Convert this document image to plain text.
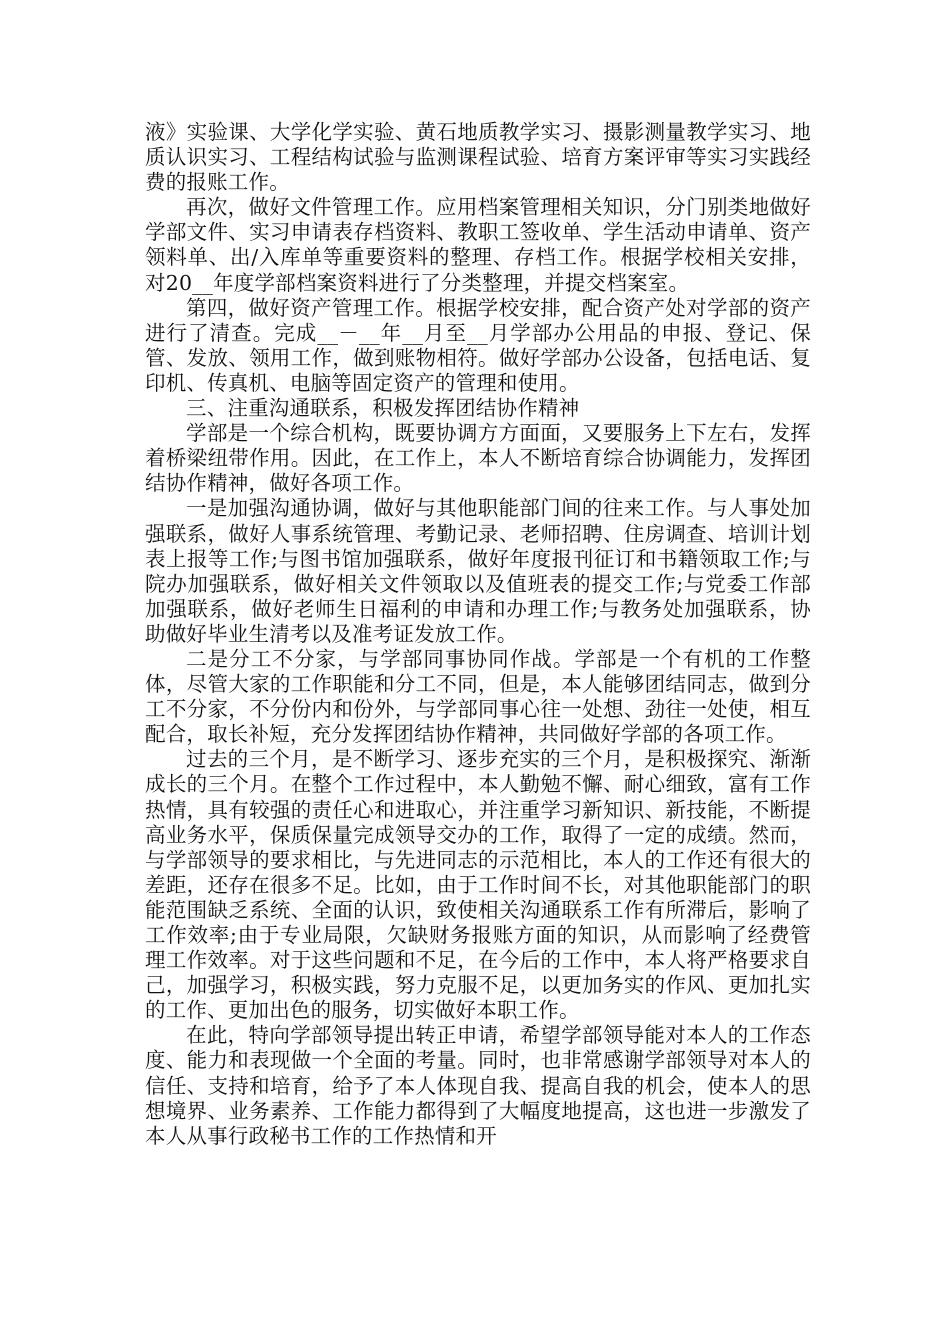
液》实验课、大学化学实验、黄石地质教学实习、摄影测量教学实习、地质认识实习、工程结构试验与监测课程试验、培育方案评审等实习实践经费的报账工作。

再次，做好文件管理工作。应用档案管理相关知识，分门别类地做好学部文件、实习申请表存档资料、教职工签收单、学生活动申请单、资产领料单、出/入库单等重要资料的整理、存档工作。根据学校相关安排，对20__年度学部档案资料进行了分类整理，并提交档案室。

第四，做好资产管理工作。根据学校安排，配合资产处对学部的资产进行了清查。完成__－__年__月至__月学部办公用品的申报、登记、保管、发放、领用工作，做到账物相符。做好学部办公设备，包括电话、复印机、传真机、电脑等固定资产的管理和使用。

三、注重沟通联系，积极发挥团结协作精神

学部是一个综合机构，既要协调方方面面，又要服务上下左右，发挥着桥梁纽带作用。因此，在工作上，本人不断培育综合协调能力，发挥团结协作精神，做好各项工作。

一是加强沟通协调，做好与其他职能部门间的往来工作。与人事处加强联系，做好人事系统管理、考勤记录、老师招聘、住房调查、培训计划表上报等工作;与图书馆加强联系，做好年度报刊征订和书籍领取工作;与院办加强联系，做好相关文件领取以及值班表的提交工作;与党委工作部加强联系，做好老师生日福利的申请和办理工作;与教务处加强联系，协助做好毕业生清考以及准考证发放工作。

二是分工不分家，与学部同事协同作战。学部是一个有机的工作整体，尽管大家的工作职能和分工不同，但是，本人能够团结同志，做到分工不分家，不分份内和份外，与学部同事心往一处想、劲往一处使，相互配合，取长补短，充分发挥团结协作精神，共同做好学部的各项工作。

过去的三个月，是不断学习、逐步充实的三个月，是积极探究、渐渐成长的三个月。在整个工作过程中，本人勤勉不懈、耐心细致，富有工作热情，具有较强的责任心和进取心，并注重学习新知识、新技能，不断提高业务水平，保质保量完成领导交办的工作，取得了一定的成绩。然而，与学部领导的要求相比，与先进同志的示范相比，本人的工作还有很大的差距，还存在很多不足。比如，由于工作时间不长，对其他职能部门的职能范围缺乏系统、全面的认识，致使相关沟通联系工作有所滞后，影响了工作效率;由于专业局限，欠缺财务报账方面的知识，从而影响了经费管理工作效率。对于这些问题和不足，在今后的工作中，本人将严格要求自己，加强学习，积极实践，努力克服不足，以更加务实的作风、更加扎实的工作、更加出色的服务，切实做好本职工作。

在此，特向学部领导提出转正申请，希望学部领导能对本人的工作态度、能力和表现做一个全面的考量。同时，也非常感谢学部领导对本人的信任、支持和培育，给予了本人体现自我、提高自我的机会，使本人的思想境界、业务素养、工作能力都得到了大幅度地提高，这也进一步激发了本人从事行政秘书工作的工作热情和开
